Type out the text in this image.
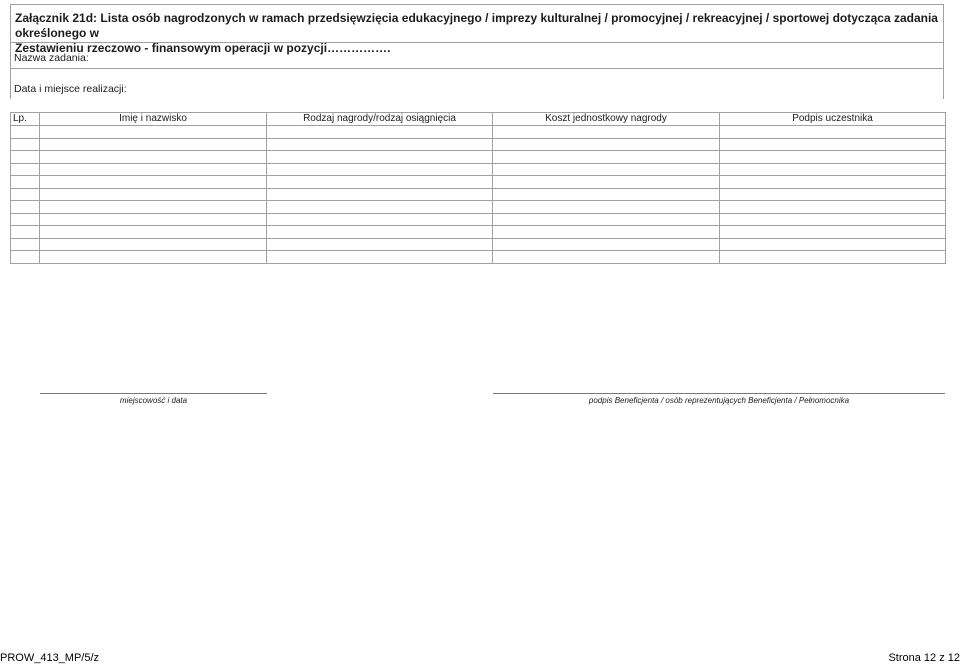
Załącznik 21d: Lista osób nagrodzonych w ramach przedsięwzięcia edukacyjnego / imprezy kulturalnej / promocyjnej / rekreacyjnej / sportowej dotycząca zadania określonego w
Zestawieniu rzeczowo - finansowym operacji w pozycji…………….
Nazwa zadania:
Data i miejsce realizacji:
Lp.	Imię i nazwisko	Rodzaj nagrody/rodzaj osiągnięcia	Koszt jednostkowy nagrody	Podpis uczestnika

miejscowość i data	podpis Beneficjenta / osób reprezentujących Beneficjenta / Pełnomocnika
PROW_413_MP/5/z	Strona 12 z 12
